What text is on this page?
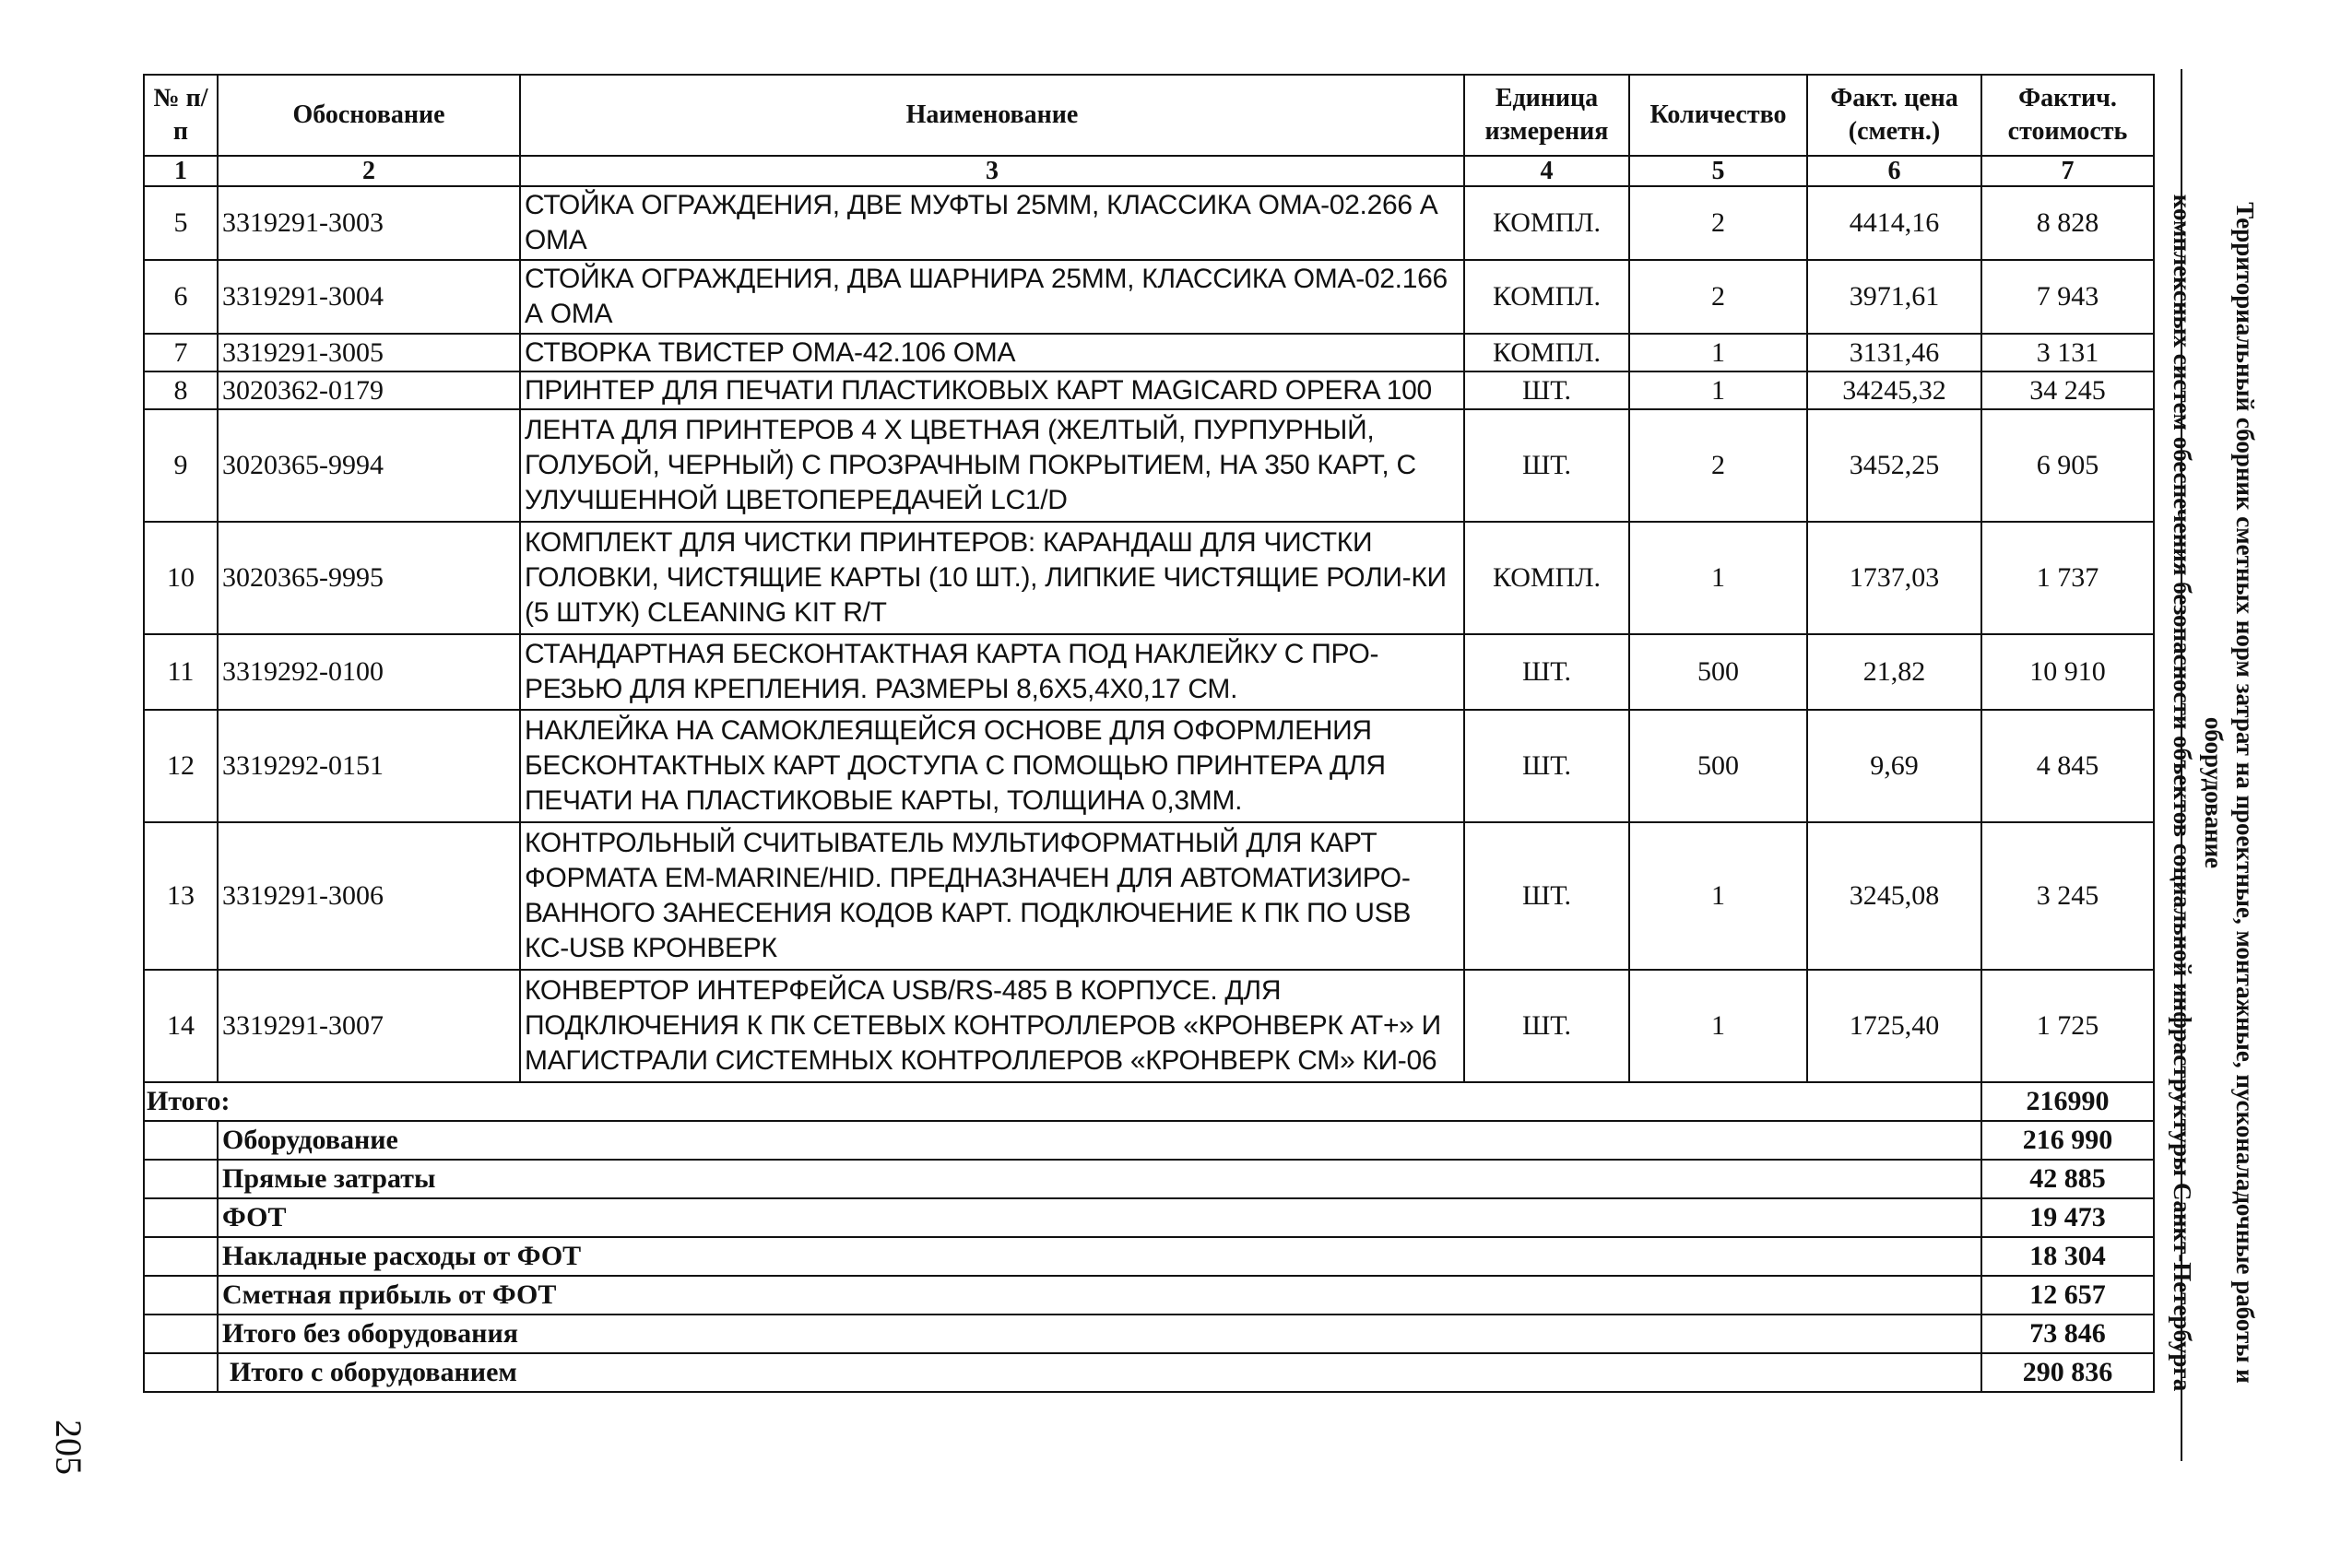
№ п/п	Обоснование	Наименование	Единица измерения	Количество	Факт. цена (сметн.)	Фактич. стоимость
1	2	3	4	5	6	7
5	3319291-3003	СТОЙКА ОГРАЖДЕНИЯ, ДВЕ МУФТЫ 25ММ, КЛАССИКА ОМА-02.266 А ОМА	КОМПЛ.	2	4414,16	8 828
6	3319291-3004	СТОЙКА ОГРАЖДЕНИЯ, ДВА ШАРНИРА 25ММ, КЛАССИКА ОМА-02.166 А ОМА	КОМПЛ.	2	3971,61	7 943
7	3319291-3005	СТВОРКА ТВИСТЕР ОМА-42.106 ОМА	КОМПЛ.	1	3131,46	3 131
8	3020362-0179	ПРИНТЕР ДЛЯ ПЕЧАТИ ПЛАСТИКОВЫХ КАРТ MAGICARD OPERA 100	ШТ.	1	34245,32	34 245
9	3020365-9994	ЛЕНТА ДЛЯ ПРИНТЕРОВ 4 Х ЦВЕТНАЯ (ЖЕЛТЫЙ, ПУРПУРНЫЙ, ГОЛУБОЙ, ЧЕРНЫЙ) С ПРОЗРАЧНЫМ ПОКРЫТИЕМ, НА 350 КАРТ, С УЛУЧШЕННОЙ ЦВЕТОПЕРЕДАЧЕЙ LC1/D	ШТ.	2	3452,25	6 905
10	3020365-9995	КОМПЛЕКТ ДЛЯ ЧИСТКИ ПРИНТЕРОВ: КАРАНДАШ ДЛЯ ЧИСТКИ ГОЛОВКИ, ЧИСТЯЩИЕ КАРТЫ (10 ШТ.), ЛИПКИЕ ЧИСТЯЩИЕ РОЛИ-КИ (5 ШТУК) CLEANING KIT R/T	КОМПЛ.	1	1737,03	1 737
11	3319292-0100	СТАНДАРТНАЯ БЕСКОНТАКТНАЯ КАРТА ПОД НАКЛЕЙКУ С ПРО-РЕЗЬЮ ДЛЯ КРЕПЛЕНИЯ. РАЗМЕРЫ 8,6Х5,4Х0,17 СМ.	ШТ.	500	21,82	10 910
12	3319292-0151	НАКЛЕЙКА НА САМОКЛЕЯЩЕЙСЯ ОСНОВЕ ДЛЯ ОФОРМЛЕНИЯ БЕСКОНТАКТНЫХ КАРТ ДОСТУПА С ПОМОЩЬЮ ПРИНТЕРА ДЛЯ ПЕЧАТИ НА ПЛАСТИКОВЫЕ КАРТЫ, ТОЛЩИНА 0,3ММ.	ШТ.	500	9,69	4 845
13	3319291-3006	КОНТРОЛЬНЫЙ СЧИТЫВАТЕЛЬ МУЛЬТИФОРМАТНЫЙ ДЛЯ КАРТ ФОРМАТА EM-MARINE/HID. ПРЕДНАЗНАЧЕН ДЛЯ АВТОМАТИЗИРО-ВАННОГО ЗАНЕСЕНИЯ КОДОВ КАРТ. ПОДКЛЮЧЕНИЕ К ПК ПО USB КС-USB КРОНВЕРК	ШТ.	1	3245,08	3 245
14	3319291-3007	КОНВЕРТОР ИНТЕРФЕЙСА USB/RS-485 В КОРПУСЕ. ДЛЯ ПОДКЛЮЧЕНИЯ К ПК СЕТЕВЫХ КОНТРОЛЛЕРОВ «КРОНВЕРК АТ+» И МАГИСТРАЛИ СИСТЕМНЫХ КОНТРОЛЛЕРОВ «КРОНВЕРК СМ» КИ-06	ШТ.	1	1725,40	1 725
Итого:						216990
	Оборудование					216 990
	Прямые затраты					42 885
	ФОТ					19 473
	Накладные расходы от ФОТ					18 304
	Сметная прибыль от ФОТ					12 657
	Итого без оборудования					73 846
	Итого с оборудованием					290 836	Территориальный сборник сметных норм затрат на проектные, монтажные, пусконаладочные работы и оборудование
комплексных систем обеспечения безопасности объектов социальной инфраструктуры Санкт-Петербурга
205
